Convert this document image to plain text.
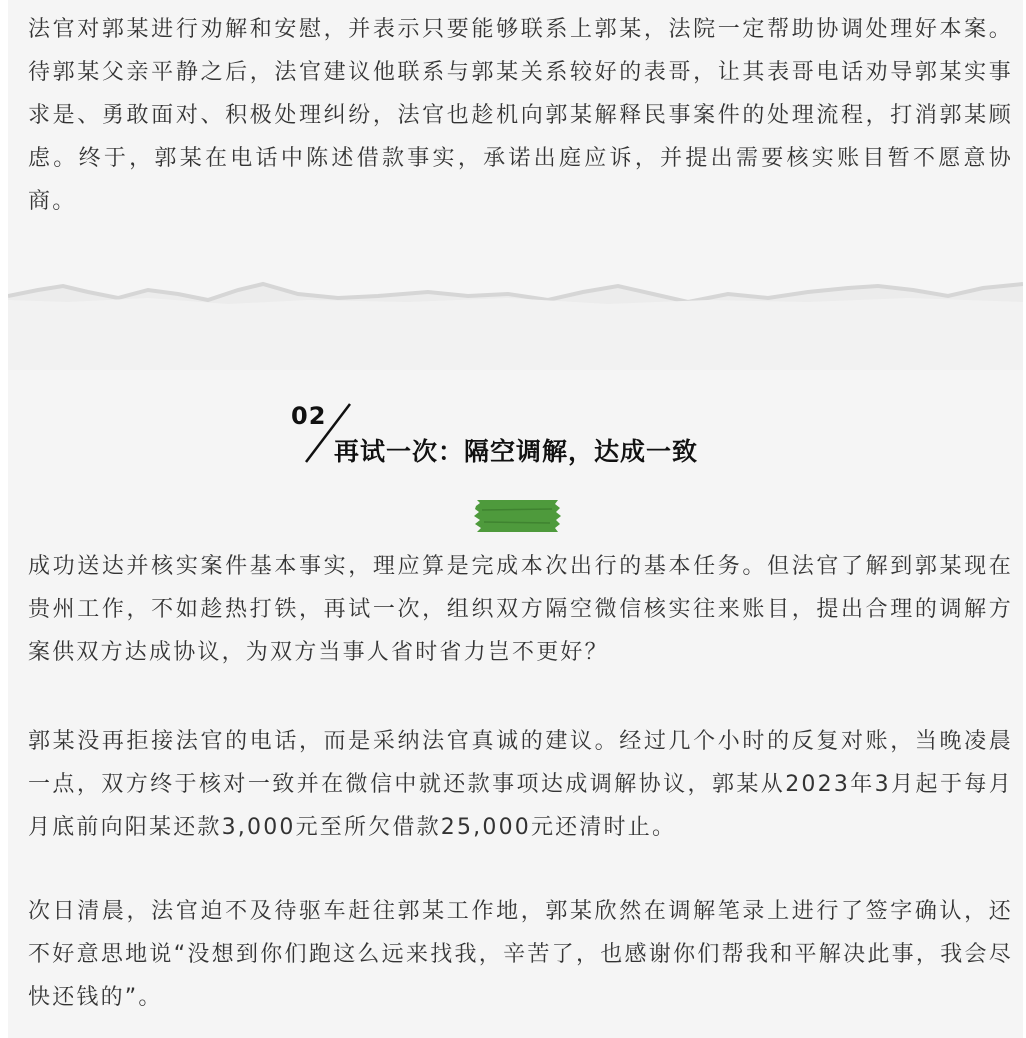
法官对郭某进行劝解和安慰，并表示只要能够联系上郭某，法院一定帮助协调处理好本案。待郭某父亲平静之后，法官建议他联系与郭某关系较好的表哥，让其表哥电话劝导郭某实事求是、勇敢面对、积极处理纠纷，法官也趁机向郭某解释民事案件的处理流程，打消郭某顾虑。终于，郭某在电话中陈述借款事实，承诺出庭应诉，并提出需要核实账目暂不愿意协商。

02
再试一次：隔空调解，达成一致

成功送达并核实案件基本事实，理应算是完成本次出行的基本任务。但法官了解到郭某现在贵州工作，不如趁热打铁，再试一次，组织双方隔空微信核实往来账目，提出合理的调解方案供双方达成协议，为双方当事人省时省力岂不更好？

郭某没再拒接法官的电话，而是采纳法官真诚的建议。经过几个小时的反复对账，当晚凌晨一点，双方终于核对一致并在微信中就还款事项达成调解协议，郭某从2023年3月起于每月月底前向阳某还款3,000元至所欠借款25,000元还清时止。

次日清晨，法官迫不及待驱车赶往郭某工作地，郭某欣然在调解笔录上进行了签字确认，还不好意思地说“没想到你们跑这么远来找我，辛苦了，也感谢你们帮我和平解决此事，我会尽快还钱的”。
